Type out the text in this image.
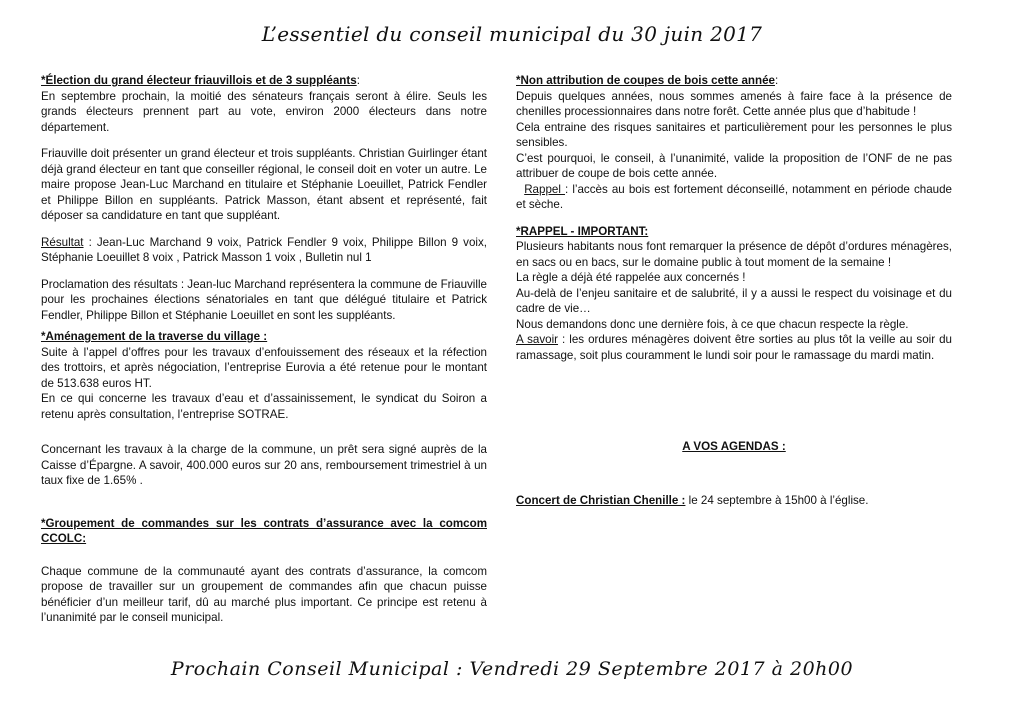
L’essentiel du conseil municipal du 30 juin 2017

*Élection du grand électeur friauvillois et de 3 suppléants:

En septembre prochain, la moitié des sénateurs français seront à élire. Seuls les grands électeurs prennent part au vote, environ 2000 électeurs dans notre département.

Friauville doit présenter un grand électeur et trois suppléants. Christian Guirlinger étant déjà grand électeur en tant que conseiller régional, le conseil doit en voter un autre. Le maire propose Jean-Luc Marchand en titulaire et Stéphanie Loeuillet, Patrick Fendler et Philippe Billon en suppléants. Patrick Masson, étant absent et représenté, fait déposer sa candidature en tant que suppléant.

Résultat : Jean-Luc Marchand 9 voix, Patrick Fendler 9 voix, Philippe Billon 9 voix, Stéphanie Loeuillet 8 voix , Patrick Masson 1 voix , Bulletin nul 1

Proclamation des résultats : Jean-luc Marchand représentera la commune de Friauville pour les prochaines élections sénatoriales en tant que délégué titulaire et Patrick Fendler, Philippe Billon et Stéphanie Loeuillet en sont les suppléants.

*Aménagement de la traverse du village :

Suite à l’appel d’offres pour les travaux d’enfouissement des réseaux et la réfection des trottoirs, et après négociation, l’entreprise Eurovia a été retenue pour le montant de 513.638 euros HT.

En ce qui concerne les travaux d’eau et d’assainissement, le syndicat du Soiron a retenu après consultation, l’entreprise SOTRAE.

Concernant les travaux à la charge de la commune, un prêt sera signé auprès de la Caisse d’Épargne. A savoir, 400.000 euros sur 20 ans, remboursement trimestriel à un taux fixe de 1.65% .

*Groupement de commandes sur les contrats d’assurance avec la comcom CCOLC:

Chaque commune de la communauté ayant des contrats d’assurance, la comcom propose de travailler sur un groupement de commandes afin que chacun puisse bénéficier d’un meilleur tarif, dû au marché plus important. Ce principe est retenu à l’unanimité par le conseil municipal.

*Non attribution de coupes de bois cette année:

Depuis quelques années, nous sommes amenés à faire face à la présence de chenilles processionnaires dans notre forêt. Cette année plus que d’habitude !

Cela entraine des risques sanitaires et particulièrement pour les personnes le plus sensibles.

C’est pourquoi, le conseil, à l’unanimité, valide la proposition de l’ONF de ne pas attribuer de coupe de bois cette année.

Rappel : l’accès au bois est fortement déconseillé, notamment en période chaude et sèche.

*RAPPEL - IMPORTANT:

Plusieurs habitants nous font remarquer la présence de dépôt d’ordures ménagères, en sacs ou en bacs, sur le domaine public à tout moment de la semaine !

La règle a déjà été rappelée aux concernés !

Au-delà de l’enjeu sanitaire et de salubrité, il y a aussi le respect du voisinage et du cadre de vie…

Nous demandons donc une dernière fois, à ce que chacun respecte la règle.

A savoir : les ordures ménagères doivent être sorties au plus tôt la veille au soir du ramassage, soit plus couramment le lundi soir pour le ramassage du mardi matin.

A VOS AGENDAS :

Concert de Christian Chenille : le 24 septembre à 15h00 à l’église.

Prochain Conseil Municipal : Vendredi 29 Septembre 2017 à 20h00
